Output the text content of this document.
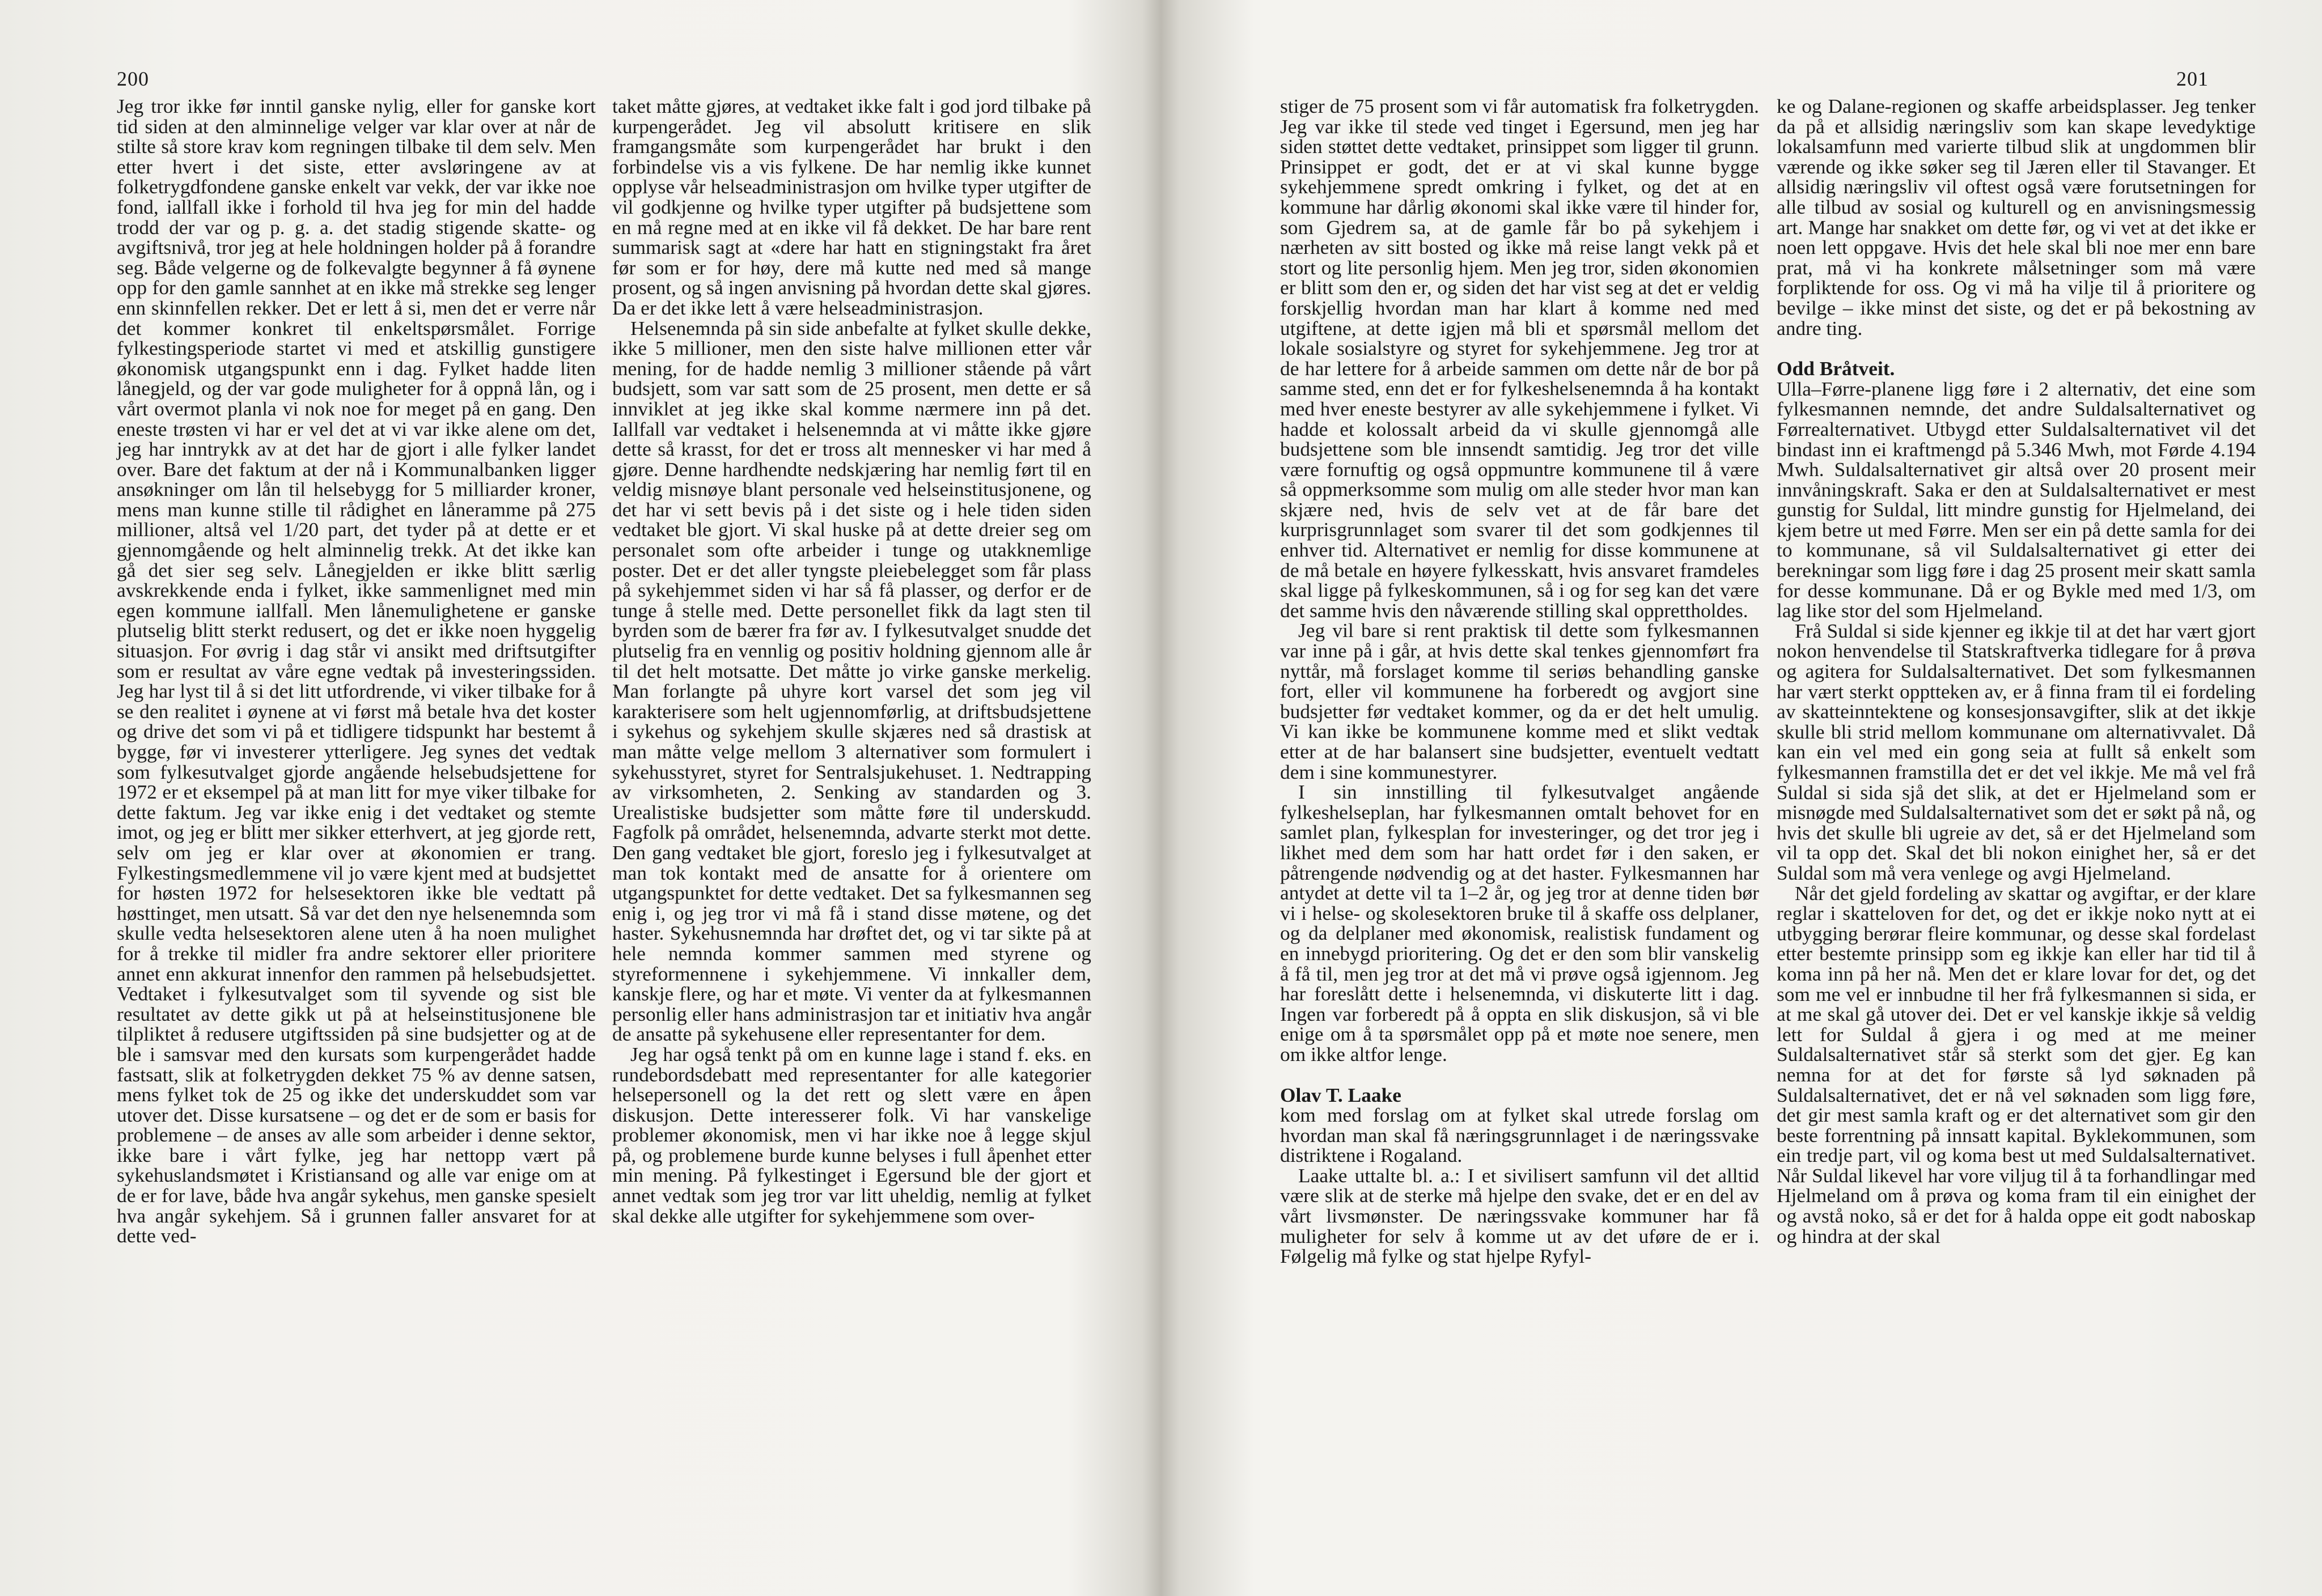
200

Jeg tror ikke før inntil ganske nylig, eller for ganske kort tid siden at den alminnelige velger var klar over at når de stilte så store krav kom regningen tilbake til dem selv. Men etter hvert i det siste, etter avsløringene av at folketrygdfondene ganske enkelt var vekk, der var ikke noe fond, iallfall ikke i forhold til hva jeg for min del hadde trodd der var og p. g. a. det stadig stigende skatte- og avgiftsnivå, tror jeg at hele holdningen holder på å forandre seg. Både velgerne og de folkevalgte begynner å få øynene opp for den gamle sannhet at en ikke må strekke seg lenger enn skinnfellen rekker. Det er lett å si, men det er verre når det kommer konkret til enkeltspørsmålet. Forrige fylkestingsperiode startet vi med et atskillig gunstigere økonomisk utgangspunkt enn i dag. Fylket hadde liten lånegjeld, og der var gode muligheter for å oppnå lån, og i vårt overmot planla vi nok noe for meget på en gang. Den eneste trøsten vi har er vel det at vi var ikke alene om det, jeg har inntrykk av at det har de gjort i alle fylker landet over. Bare det faktum at der nå i Kommunalbanken ligger ansøkninger om lån til helsebygg for 5 milliarder kroner, mens man kunne stille til rådighet en låneramme på 275 millioner, altså vel 1/20 part, det tyder på at dette er et gjennomgående og helt alminnelig trekk. At det ikke kan gå det sier seg selv. Lånegjelden er ikke blitt særlig avskrekkende enda i fylket, ikke sammenlignet med min egen kommune iallfall. Men lånemulighetene er ganske plutselig blitt sterkt redusert, og det er ikke noen hyggelig situasjon. For øvrig i dag står vi ansikt med driftsutgifter som er resultat av våre egne vedtak på investeringssiden. Jeg har lyst til å si det litt utfordrende, vi viker tilbake for å se den realitet i øynene at vi først må betale hva det koster og drive det som vi på et tidligere tidspunkt har bestemt å bygge, før vi investerer ytterligere. Jeg synes det vedtak som fylkesutvalget gjorde angående helsebudsjettene for 1972 er et eksempel på at man litt for mye viker tilbake for dette faktum. Jeg var ikke enig i det vedtaket og stemte imot, og jeg er blitt mer sikker etterhvert, at jeg gjorde rett, selv om jeg er klar over at økonomien er trang. Fylkestingsmedlemmene vil jo være kjent med at budsjettet for høsten 1972 for helsesektoren ikke ble vedtatt på høsttinget, men utsatt. Så var det den nye helsenemnda som skulle vedta helsesektoren alene uten å ha noen mulighet for å trekke til midler fra andre sektorer eller prioritere annet enn akkurat innenfor den rammen på helsebudsjettet. Vedtaket i fylkesutvalget som til syvende og sist ble resultatet av dette gikk ut på at helseinstitusjonene ble tilpliktet å redusere utgiftssiden på sine budsjetter og at de ble i samsvar med den kursats som kurpengerådet hadde fastsatt, slik at folketrygden dekket 75 % av denne satsen, mens fylket tok de 25 og ikke det underskuddet som var utover det. Disse kursatsene – og det er de som er basis for problemene – de anses av alle som arbeider i denne sektor, ikke bare i vårt fylke, jeg har nettopp vært på sykehuslandsmøtet i Kristiansand og alle var enige om at de er for lave, både hva angår sykehus, men ganske spesielt hva angår sykehjem. Så i grunnen faller ansvaret for at dette ved-

taket måtte gjøres, at vedtaket ikke falt i god jord tilbake på kurpengerådet. Jeg vil absolutt kritisere en slik framgangsmåte som kurpengerådet har brukt i den forbindelse vis a vis fylkene. De har nemlig ikke kunnet opplyse vår helseadministrasjon om hvilke typer utgifter de vil godkjenne og hvilke typer utgifter på budsjettene som en må regne med at en ikke vil få dekket. De har bare rent summarisk sagt at «dere har hatt en stigningstakt fra året før som er for høy, dere må kutte ned med så mange prosent, og så ingen anvisning på hvordan dette skal gjøres. Da er det ikke lett å være helseadministrasjon.

Helsenemnda på sin side anbefalte at fylket skulle dekke, ikke 5 millioner, men den siste halve millionen etter vår mening, for de hadde nemlig 3 millioner stående på vårt budsjett, som var satt som de 25 prosent, men dette er så innviklet at jeg ikke skal komme nærmere inn på det. Iallfall var vedtaket i helsenemnda at vi måtte ikke gjøre dette så krasst, for det er tross alt mennesker vi har med å gjøre. Denne hardhendte nedskjæring har nemlig ført til en veldig misnøye blant personale ved helseinstitusjonene, og det har vi sett bevis på i det siste og i hele tiden siden vedtaket ble gjort. Vi skal huske på at dette dreier seg om personalet som ofte arbeider i tunge og utakknemlige poster. Det er det aller tyngste pleiebelegget som får plass på sykehjemmet siden vi har så få plasser, og derfor er de tunge å stelle med. Dette personellet fikk da lagt sten til byrden som de bærer fra før av. I fylkesutvalget snudde det plutselig fra en vennlig og positiv holdning gjennom alle år til det helt motsatte. Det måtte jo virke ganske merkelig. Man forlangte på uhyre kort varsel det som jeg vil karakterisere som helt ugjennomførlig, at driftsbudsjettene i sykehus og sykehjem skulle skjæres ned så drastisk at man måtte velge mellom 3 alternativer som formulert i sykehusstyret, styret for Sentralsjukehuset. 1. Nedtrapping av virksomheten, 2. Senking av standarden og 3. Urealistiske budsjetter som måtte føre til underskudd. Fagfolk på området, helsenemnda, advarte sterkt mot dette. Den gang vedtaket ble gjort, foreslo jeg i fylkesutvalget at man tok kontakt med de ansatte for å orientere om utgangspunktet for dette vedtaket. Det sa fylkesmannen seg enig i, og jeg tror vi må få i stand disse møtene, og det haster. Sykehusnemnda har drøftet det, og vi tar sikte på at hele nemnda kommer sammen med styrene og styreformennene i sykehjemmene. Vi innkaller dem, kanskje flere, og har et møte. Vi venter da at fylkesmannen personlig eller hans administrasjon tar et initiativ hva angår de ansatte på sykehusene eller representanter for dem.

Jeg har også tenkt på om en kunne lage i stand f. eks. en rundebordsdebatt med representanter for alle kategorier helsepersonell og la det rett og slett være en åpen diskusjon. Dette interesserer folk. Vi har vanskelige problemer økonomisk, men vi har ikke noe å legge skjul på, og problemene burde kunne belyses i full åpenhet etter min mening. På fylkestinget i Egersund ble der gjort et annet vedtak som jeg tror var litt uheldig, nemlig at fylket skal dekke alle utgifter for sykehjemmene som over-

201

stiger de 75 prosent som vi får automatisk fra folketrygden. Jeg var ikke til stede ved tinget i Egersund, men jeg har siden støttet dette vedtaket, prinsippet som ligger til grunn. Prinsippet er godt, det er at vi skal kunne bygge sykehjemmene spredt omkring i fylket, og det at en kommune har dårlig økonomi skal ikke være til hinder for, som Gjedrem sa, at de gamle får bo på sykehjem i nærheten av sitt bosted og ikke må reise langt vekk på et stort og lite personlig hjem. Men jeg tror, siden økonomien er blitt som den er, og siden det har vist seg at det er veldig forskjellig hvordan man har klart å komme ned med utgiftene, at dette igjen må bli et spørsmål mellom det lokale sosialstyre og styret for sykehjemmene. Jeg tror at de har lettere for å arbeide sammen om dette når de bor på samme sted, enn det er for fylkeshelsenemnda å ha kontakt med hver eneste bestyrer av alle sykehjemmene i fylket. Vi hadde et kolossalt arbeid da vi skulle gjennomgå alle budsjettene som ble innsendt samtidig. Jeg tror det ville være fornuftig og også oppmuntre kommunene til å være så oppmerksomme som mulig om alle steder hvor man kan skjære ned, hvis de selv vet at de får bare det kurprisgrunnlaget som svarer til det som godkjennes til enhver tid. Alternativet er nemlig for disse kommunene at de må betale en høyere fylkesskatt, hvis ansvaret framdeles skal ligge på fylkeskommunen, så i og for seg kan det være det samme hvis den nåværende stilling skal opprettholdes.

Jeg vil bare si rent praktisk til dette som fylkesmannen var inne på i går, at hvis dette skal tenkes gjennomført fra nyttår, må forslaget komme til seriøs behandling ganske fort, eller vil kommunene ha forberedt og avgjort sine budsjetter før vedtaket kommer, og da er det helt umulig. Vi kan ikke be kommunene komme med et slikt vedtak etter at de har balansert sine budsjetter, eventuelt vedtatt dem i sine kommunestyrer.

I sin innstilling til fylkesutvalget angående fylkeshelseplan, har fylkesmannen omtalt behovet for en samlet plan, fylkesplan for investeringer, og det tror jeg i likhet med dem som har hatt ordet før i den saken, er påtrengende nødvendig og at det haster. Fylkesmannen har antydet at dette vil ta 1–2 år, og jeg tror at denne tiden bør vi i helse- og skolesektoren bruke til å skaffe oss delplaner, og da delplaner med økonomisk, realistisk fundament og en innebygd prioritering. Og det er den som blir vanskelig å få til, men jeg tror at det må vi prøve også igjennom. Jeg har foreslått dette i helsenemnda, vi diskuterte litt i dag. Ingen var forberedt på å oppta en slik diskusjon, så vi ble enige om å ta spørsmålet opp på et møte noe senere, men om ikke altfor lenge.

Olav T. Laake

kom med forslag om at fylket skal utrede forslag om hvordan man skal få næringsgrunnlaget i de næringssvake distriktene i Rogaland.

Laake uttalte bl. a.: I et sivilisert samfunn vil det alltid være slik at de sterke må hjelpe den svake, det er en del av vårt livsmønster. De næringssvake kommuner har få muligheter for selv å komme ut av det uføre de er i. Følgelig må fylke og stat hjelpe Ryfyl-

ke og Dalane-regionen og skaffe arbeidsplasser. Jeg tenker da på et allsidig næringsliv som kan skape levedyktige lokalsamfunn med varierte tilbud slik at ungdommen blir værende og ikke søker seg til Jæren eller til Stavanger. Et allsidig næringsliv vil oftest også være forutsetningen for alle tilbud av sosial og kulturell og en anvisningsmessig art. Mange har snakket om dette før, og vi vet at det ikke er noen lett oppgave. Hvis det hele skal bli noe mer enn bare prat, må vi ha konkrete målsetninger som må være forpliktende for oss. Og vi må ha vilje til å prioritere og bevilge – ikke minst det siste, og det er på bekostning av andre ting.

Odd Bråtveit.

Ulla–Førre-planene ligg føre i 2 alternativ, det eine som fylkesmannen nemnde, det andre Suldalsalternativet og Førrealternativet. Utbygd etter Suldalsalternativet vil det bindast inn ei kraftmengd på 5.346 Mwh, mot Førde 4.194 Mwh. Suldalsalternativet gir altså over 20 prosent meir innvåningskraft. Saka er den at Suldalsalternativet er mest gunstig for Suldal, litt mindre gunstig for Hjelmeland, dei kjem betre ut med Førre. Men ser ein på dette samla for dei to kommunane, så vil Suldalsalternativet gi etter dei berekningar som ligg føre i dag 25 prosent meir skatt samla for desse kommunane. Då er og Bykle med med 1/3, om lag like stor del som Hjelmeland.

Frå Suldal si side kjenner eg ikkje til at det har vært gjort nokon henvendelse til Statskraftverka tidlegare for å prøva og agitera for Suldalsalternativet. Det som fylkesmannen har vært sterkt opptteken av, er å finna fram til ei fordeling av skatteinntektene og konsesjonsavgifter, slik at det ikkje skulle bli strid mellom kommunane om alternativvalet. Då kan ein vel med ein gong seia at fullt så enkelt som fylkesmannen framstilla det er det vel ikkje. Me må vel frå Suldal si sida sjå det slik, at det er Hjelmeland som er misnøgde med Suldalsalternativet som det er søkt på nå, og hvis det skulle bli ugreie av det, så er det Hjelmeland som vil ta opp det. Skal det bli nokon einighet her, så er det Suldal som må vera venlege og avgi Hjelmeland.

Når det gjeld fordeling av skattar og avgiftar, er der klare reglar i skatteloven for det, og det er ikkje noko nytt at ei utbygging berørar fleire kommunar, og desse skal fordelast etter bestemte prinsipp som eg ikkje kan eller har tid til å koma inn på her nå. Men det er klare lovar for det, og det som me vel er innbudne til her frå fylkesmannen si sida, er at me skal gå utover dei. Det er vel kanskje ikkje så veldig lett for Suldal å gjera i og med at me meiner Suldalsalternativet står så sterkt som det gjer. Eg kan nemna for at det for første så lyd søknaden på Suldalsalternativet, det er nå vel søknaden som ligg føre, det gir mest samla kraft og er det alternativet som gir den beste forrentning på innsatt kapital. Byklekommunen, som ein tredje part, vil og koma best ut med Suldalsalternativet. Når Suldal likevel har vore viljug til å ta forhandlingar med Hjelmeland om å prøva og koma fram til ein einighet der og avstå noko, så er det for å halda oppe eit godt naboskap og hindra at der skal
